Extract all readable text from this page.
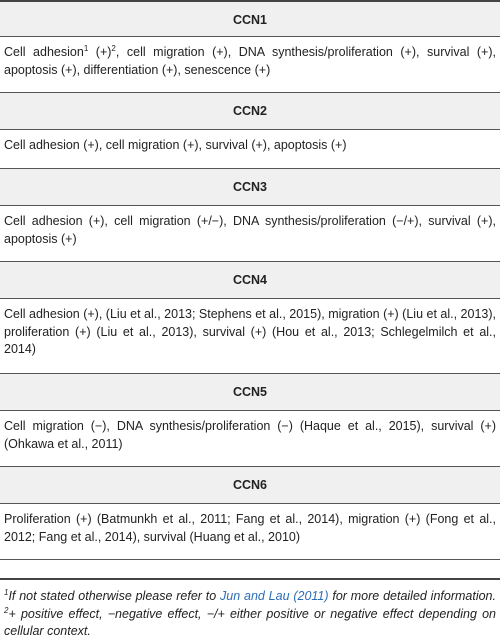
CCN1
Cell adhesion$^1$ $(+)^2$, cell migration (+), DNA synthesis/proliferation (+), survival (+), apoptosis (+), differentiation (+), senescence (+)
CCN2
Cell adhesion (+), cell migration (+), survival (+), apoptosis (+)
CCN3
Cell adhesion (+), cell migration (+/−), DNA synthesis/proliferation (−/+), survival (+), apoptosis (+)
CCN4
Cell adhesion (+), (Liu et al., 2013; Stephens et al., 2015), migration (+) (Liu et al., 2013), proliferation (+) (Liu et al., 2013), survival (+) (Hou et al., 2013; Schlegelmilch et al., 2014)
CCN5
Cell migration (−), DNA synthesis/proliferation (−) (Haque et al., 2015), survival (+) (Ohkawa et al., 2011)
CCN6
Proliferation (+) (Batmunkh et al., 2011; Fang et al., 2014), migration (+) (Fong et al., 2012; Fang et al., 2014), survival (Huang et al., 2010)
$^1$If not stated otherwise please refer to Jun and Lau (2011) for more detailed information. $^2$+ positive effect, −negative effect, −/+ either positive or negative effect depending on cellular context.
